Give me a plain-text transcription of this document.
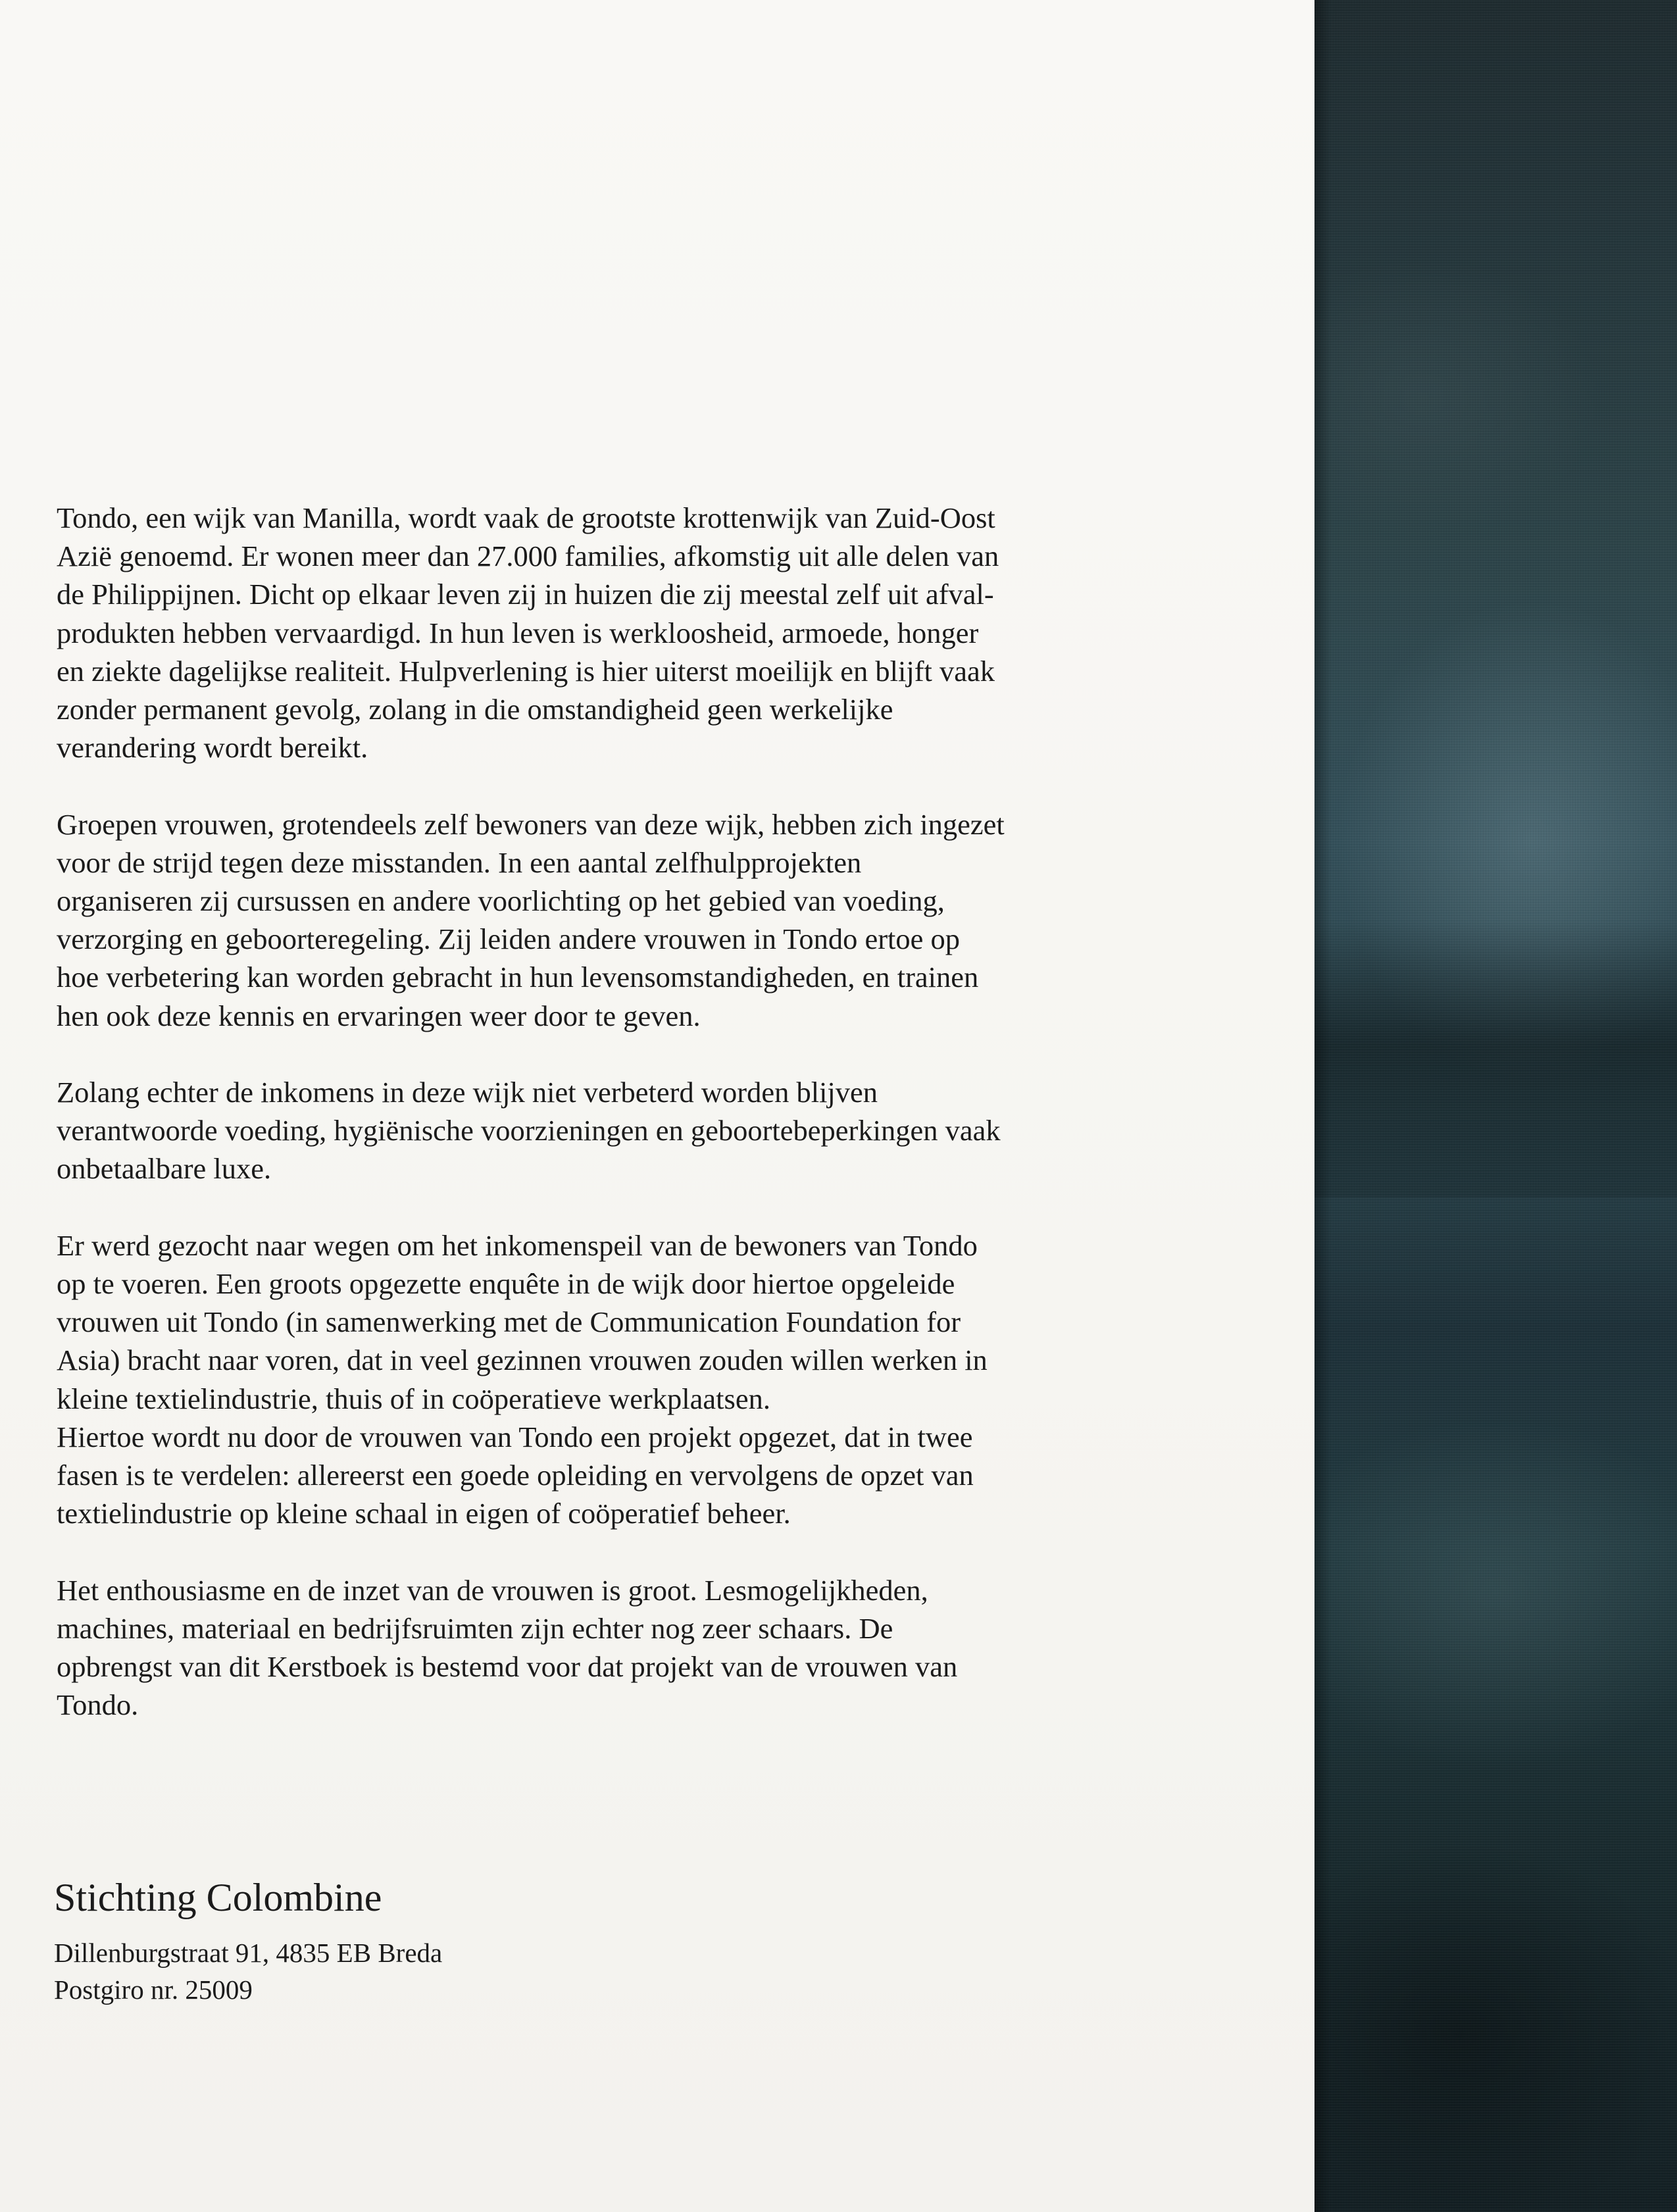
Tondo, een wijk van Manilla, wordt vaak de grootste krottenwijk van Zuid-Oost
Azië genoemd. Er wonen meer dan 27.000 families, afkomstig uit alle delen van
de Philippijnen. Dicht op elkaar leven zij in huizen die zij meestal zelf uit afval-
produkten hebben vervaardigd. In hun leven is werkloosheid, armoede, honger
en ziekte dagelijkse realiteit. Hulpverlening is hier uiterst moeilijk en blijft vaak
zonder permanent gevolg, zolang in die omstandigheid geen werkelijke
verandering wordt bereikt.

Groepen vrouwen, grotendeels zelf bewoners van deze wijk, hebben zich ingezet
voor de strijd tegen deze misstanden. In een aantal zelfhulpprojekten
organiseren zij cursussen en andere voorlichting op het gebied van voeding,
verzorging en geboorteregeling. Zij leiden andere vrouwen in Tondo ertoe op
hoe verbetering kan worden gebracht in hun levensomstandigheden, en trainen
hen ook deze kennis en ervaringen weer door te geven.

Zolang echter de inkomens in deze wijk niet verbeterd worden blijven
verantwoorde voeding, hygiënische voorzieningen en geboortebeperkingen vaak
onbetaalbare luxe.

Er werd gezocht naar wegen om het inkomenspeil van de bewoners van Tondo
op te voeren. Een groots opgezette enquête in de wijk door hiertoe opgeleide
vrouwen uit Tondo (in samenwerking met de Communication Foundation for
Asia) bracht naar voren, dat in veel gezinnen vrouwen zouden willen werken in
kleine textielindustrie, thuis of in coöperatieve werkplaatsen.
Hiertoe wordt nu door de vrouwen van Tondo een projekt opgezet, dat in twee
fasen is te verdelen: allereerst een goede opleiding en vervolgens de opzet van
textielindustrie op kleine schaal in eigen of coöperatief beheer.

Het enthousiasme en de inzet van de vrouwen is groot. Lesmogelijkheden,
machines, materiaal en bedrijfsruimten zijn echter nog zeer schaars. De
opbrengst van dit Kerstboek is bestemd voor dat projekt van de vrouwen van
Tondo.

Stichting Colombine
Dillenburgstraat 91, 4835 EB Breda
Postgiro nr. 25009
